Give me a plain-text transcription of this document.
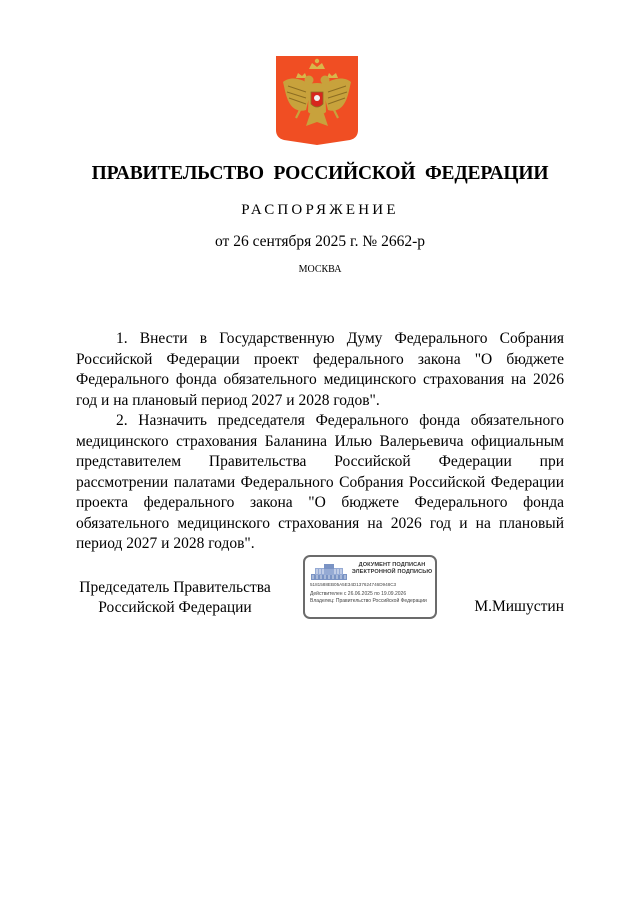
ПРАВИТЕЛЬСТВО РОССИЙСКОЙ ФЕДЕРАЦИИ
РАСПОРЯЖЕНИЕ
от 26 сентября 2025 г. № 2662-р
МОСКВА

1. Внести в Государственную Думу Федерального Собрания Российской Федерации проект федерального закона "О бюджете Федерального фонда обязательного медицинского страхования на 2026 год и на плановый период 2027 и 2028 годов".

2. Назначить председателя Федерального фонда обязательного медицинского страхования Баланина Илью Валерьевича официальным представителем Правительства Российской Федерации при рассмотрении палатами Федерального Собрания Российской Федерации проекта федерального закона "О бюджете Федерального фонда обязательного медицинского страхования на 2026 год и на плановый период 2027 и 2028 годов".

Председатель Правительства
Российской Федерации
ДОКУМЕНТ ПОДПИСАН
ЭЛЕКТРОННОЙ ПОДПИСЬЮ
5181588EB05A5E34D137624746D948C3
Действителен с 26.06.2025 по 19.09.2026
Владелец: Правительство Российской Федерации	М.Мишустин
